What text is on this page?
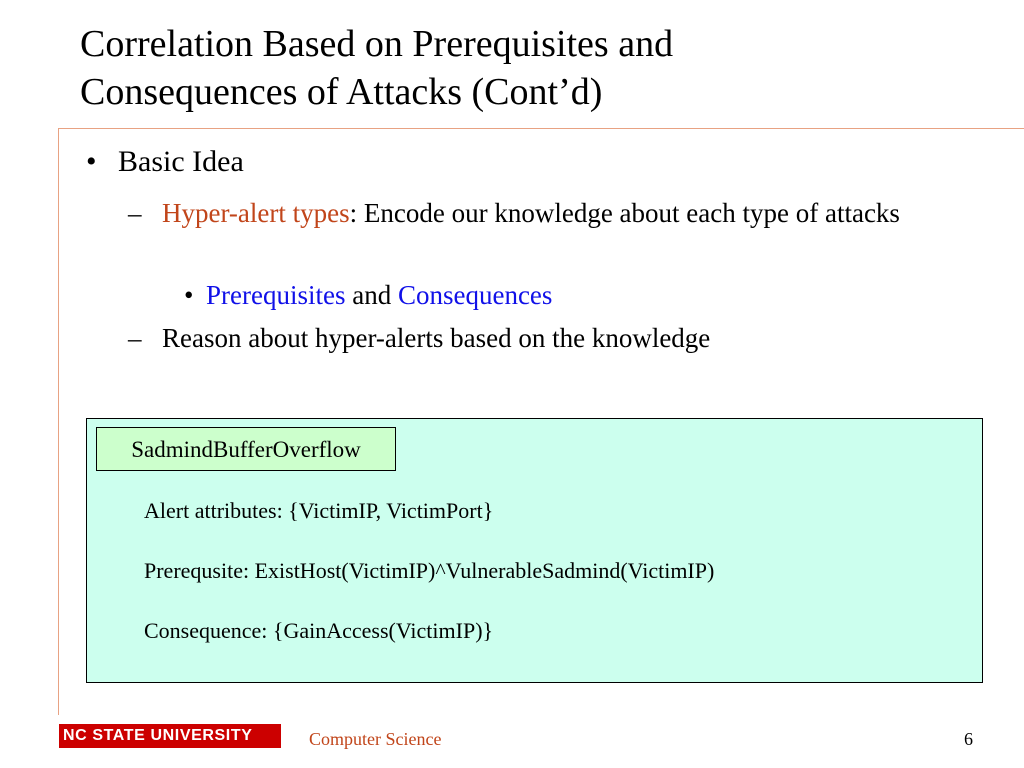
Correlation Based on Prerequisites and
Consequences of Attacks (Cont’d)
• Basic Idea
– Hyper-alert types: Encode our knowledge about each type of attacks
• Prerequisites and Consequences
– Reason about hyper-alerts based on the knowledge
SadmindBufferOverflow
Alert attributes: {VictimIP, VictimPort}
Prerequsite: ExistHost(VictimIP)^VulnerableSadmind(VictimIP)
Consequence: {GainAccess(VictimIP)}
NC STATE UNIVERSITY	Computer Science	6
